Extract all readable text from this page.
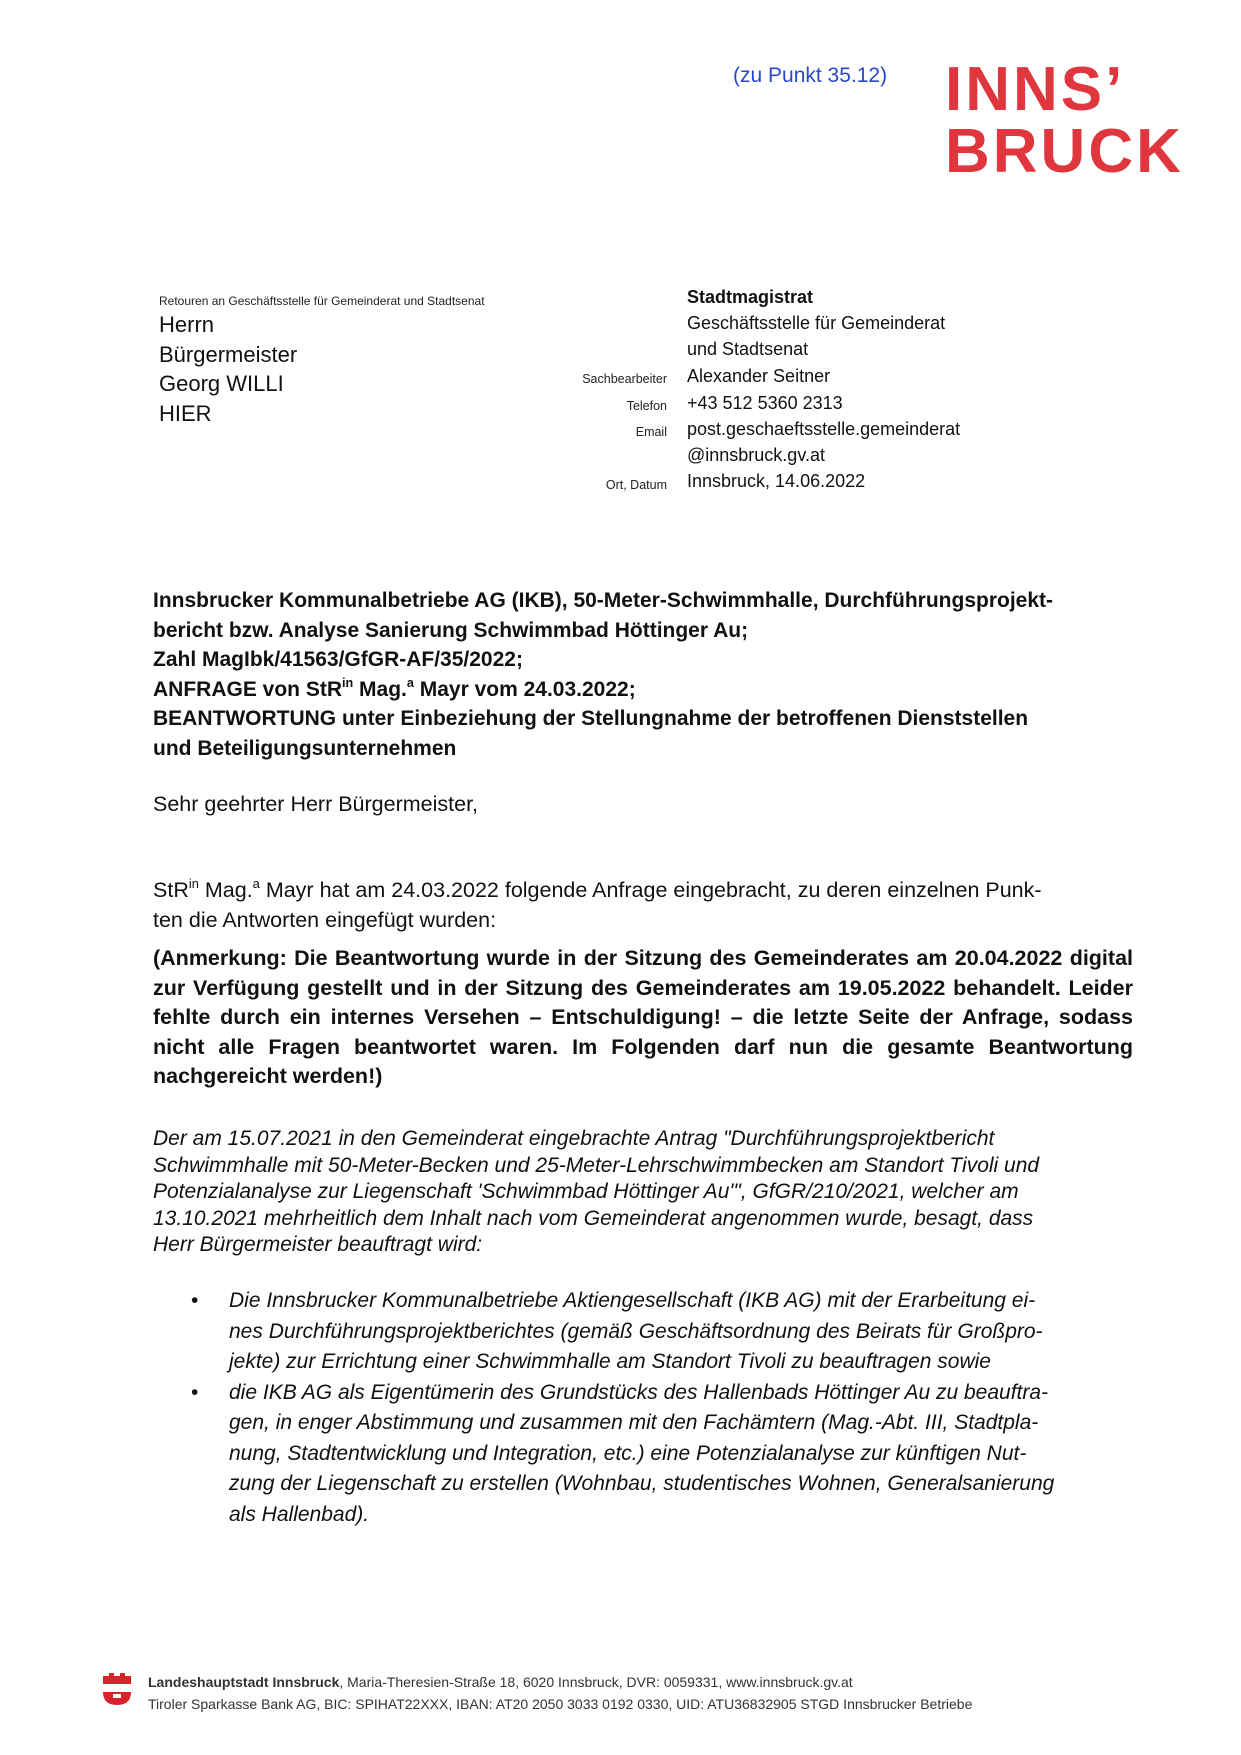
(zu Punkt 35.12) INNS’
BRUCK
Retouren an Geschäftsstelle für Gemeinderat und Stadtsenat
Herrn
Bürgermeister
Georg WILLI
HIER
Stadtmagistrat
Geschäftsstelle für Gemeinderat
und Stadtsenat
Sachbearbeiter Alexander Seitner
Telefon +43 512 5360 2313
Email post.geschaeftsstelle.gemeinderat
@innsbruck.gv.at
Ort, Datum Innsbruck, 14.06.2022
Innsbrucker Kommunalbetriebe AG (IKB), 50-Meter-Schwimmhalle, Durchführungsprojekt-
bericht bzw. Analyse Sanierung Schwimmbad Höttinger Au;
Zahl MagIbk/41563/GfGR-AF/35/2022;
ANFRAGE von StR$^{in}$ Mag.$^a$ Mayr vom 24.03.2022;
BEANTWORTUNG unter Einbeziehung der Stellungnahme der betroffenen Dienststellen
und Beteiligungsunternehmen
Sehr geehrter Herr Bürgermeister,
StR$^{in}$ Mag.$^a$ Mayr hat am 24.03.2022 folgende Anfrage eingebracht, zu deren einzelnen Punk-
ten die Antworten eingefügt wurden:
(Anmerkung: Die Beantwortung wurde in der Sitzung des Gemeinderates am 20.04.2022 digital zur Verfügung gestellt und in der Sitzung des Gemeinderates am 19.05.2022 behandelt. Leider fehlte durch ein internes Versehen – Entschuldigung! – die letzte Seite der Anfrage, sodass nicht alle Fragen beantwortet waren. Im Folgenden darf nun die gesamte Beantwortung nachgereicht werden!)
Der am 15.07.2021 in den Gemeinderat eingebrachte Antrag "Durchführungsprojektbericht
Schwimmhalle mit 50-Meter-Becken und 25-Meter-Lehrschwimmbecken am Standort Tivoli und
Potenzialanalyse zur Liegenschaft 'Schwimmbad Höttinger Au'", GfGR/210/2021, welcher am
13.10.2021 mehrheitlich dem Inhalt nach vom Gemeinderat angenommen wurde, besagt, dass
Herr Bürgermeister beauftragt wird:
• Die Innsbrucker Kommunalbetriebe Aktiengesellschaft (IKB AG) mit der Erarbeitung ei-
nes Durchführungsprojektberichtes (gemäß Geschäftsordnung des Beirats für Großpro-
jekte) zur Errichtung einer Schwimmhalle am Standort Tivoli zu beauftragen sowie
• die IKB AG als Eigentümerin des Grundstücks des Hallenbads Höttinger Au zu beauftra-
gen, in enger Abstimmung und zusammen mit den Fachämtern (Mag.-Abt. III, Stadtpla-
nung, Stadtentwicklung und Integration, etc.) eine Potenzialanalyse zur künftigen Nut-
zung der Liegenschaft zu erstellen (Wohnbau, studentisches Wohnen, Generalsanierung
als Hallenbad).
Landeshauptstadt Innsbruck, Maria-Theresien-Straße 18, 6020 Innsbruck, DVR: 0059331, www.innsbruck.gv.at
Tiroler Sparkasse Bank AG, BIC: SPIHAT22XXX, IBAN: AT20 2050 3033 0192 0330, UID: ATU36832905 STGD Innsbrucker Betriebe
